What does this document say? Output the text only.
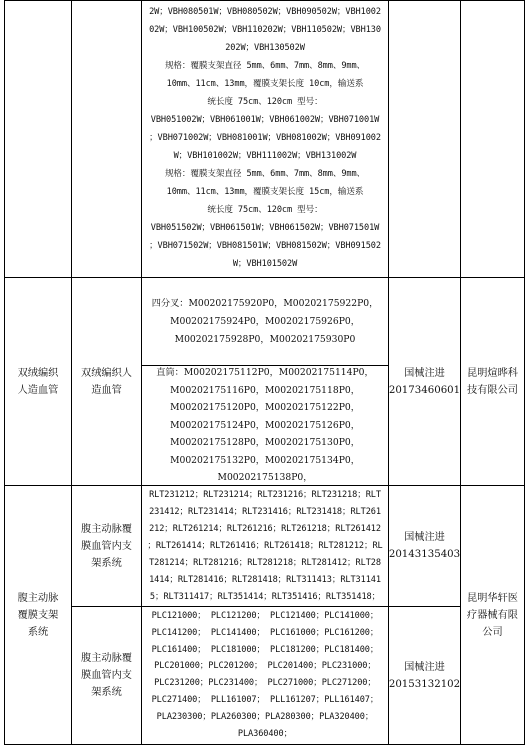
2W；VBH080501W；VBH080502W；VBH090502W；VBH1002
02W；VBH100502W；VBH110202W；VBH110502W；VBH130
202W；VBH130502W
规格：覆膜支架直径 5mm、6mm、7mm、8mm、9mm、
10mm、11cm、13mm，覆膜支架长度 10cm，输送系
统长度 75cm、120cm 型号：
VBH051002W；VBH061001W；VBH061002W；VBH071001W
；VBH071002W；VBH081001W；VBH081002W；VBH091002
W；VBH101002W；VBH111002W；VBH131002W
规格：覆膜支架直径 5mm、6mm、7mm、8mm、9mm、
10mm、11cm、13mm，覆膜支架长度 15cm，输送系
统长度 75cm、120cm 型号：
VBH051502W；VBH061501W；VBH061502W；VBH071501W
；VBH071502W；VBH081501W；VBH081502W；VBH091502
W；VBH101502W
双绒编织
人造血管
双绒编织人
造血管
四分叉：M00202175920P0，M00202175922P0，
M00202175924P0，M00202175926P0，
M00202175928P0，M00202175930P0
直筒：M00202175112P0，M00202175114P0，
M00202175116P0，M00202175118P0，
M00202175120P0，M00202175122P0，
M00202175124P0，M00202175126P0，
M00202175128P0，M00202175130P0，
M00202175132P0，M00202175134P0，
M00202175138P0，
国械注进
20173460601
昆明煊晔科
技有限公司
腹主动脉
覆膜支架
系统
腹主动脉覆
膜血管内支
架系统
RLT231212；RLT231214；RLT231216；RLT231218；RLT
231412；RLT231414；RLT231416；RLT231418；RLT261
212；RLT261214；RLT261216；RLT261218；RLT261412
；RLT261414；RLT261416；RLT261418；RLT281212；RL
T281214；RLT281216；RLT281218；RLT281412；RLT28
1414；RLT281416；RLT281418；RLT311413；RLT31141
5；RLT311417；RLT351414；RLT351416；RLT351418；
国械注进
20143135403
腹主动脉覆
膜血管内支
架系统
PLC121000； PLC121200； PLC121400；PLC141000；
PLC141200； PLC141400； PLC161000；PLC161200；
PLC161400； PLC181000； PLC181200；PLC181400；
PLC201000；PLC201200； PLC201400；PLC231000；
PLC231200；PLC231400； PLC271000；PLC271200；
PLC271400； PLL161007； PLL161207；PLL161407；
PLA230300；PLA260300；PLA280300；PLA320400；
PLA360400；
国械注进
20153132102
昆明华轩医
疗器械有限
公司
